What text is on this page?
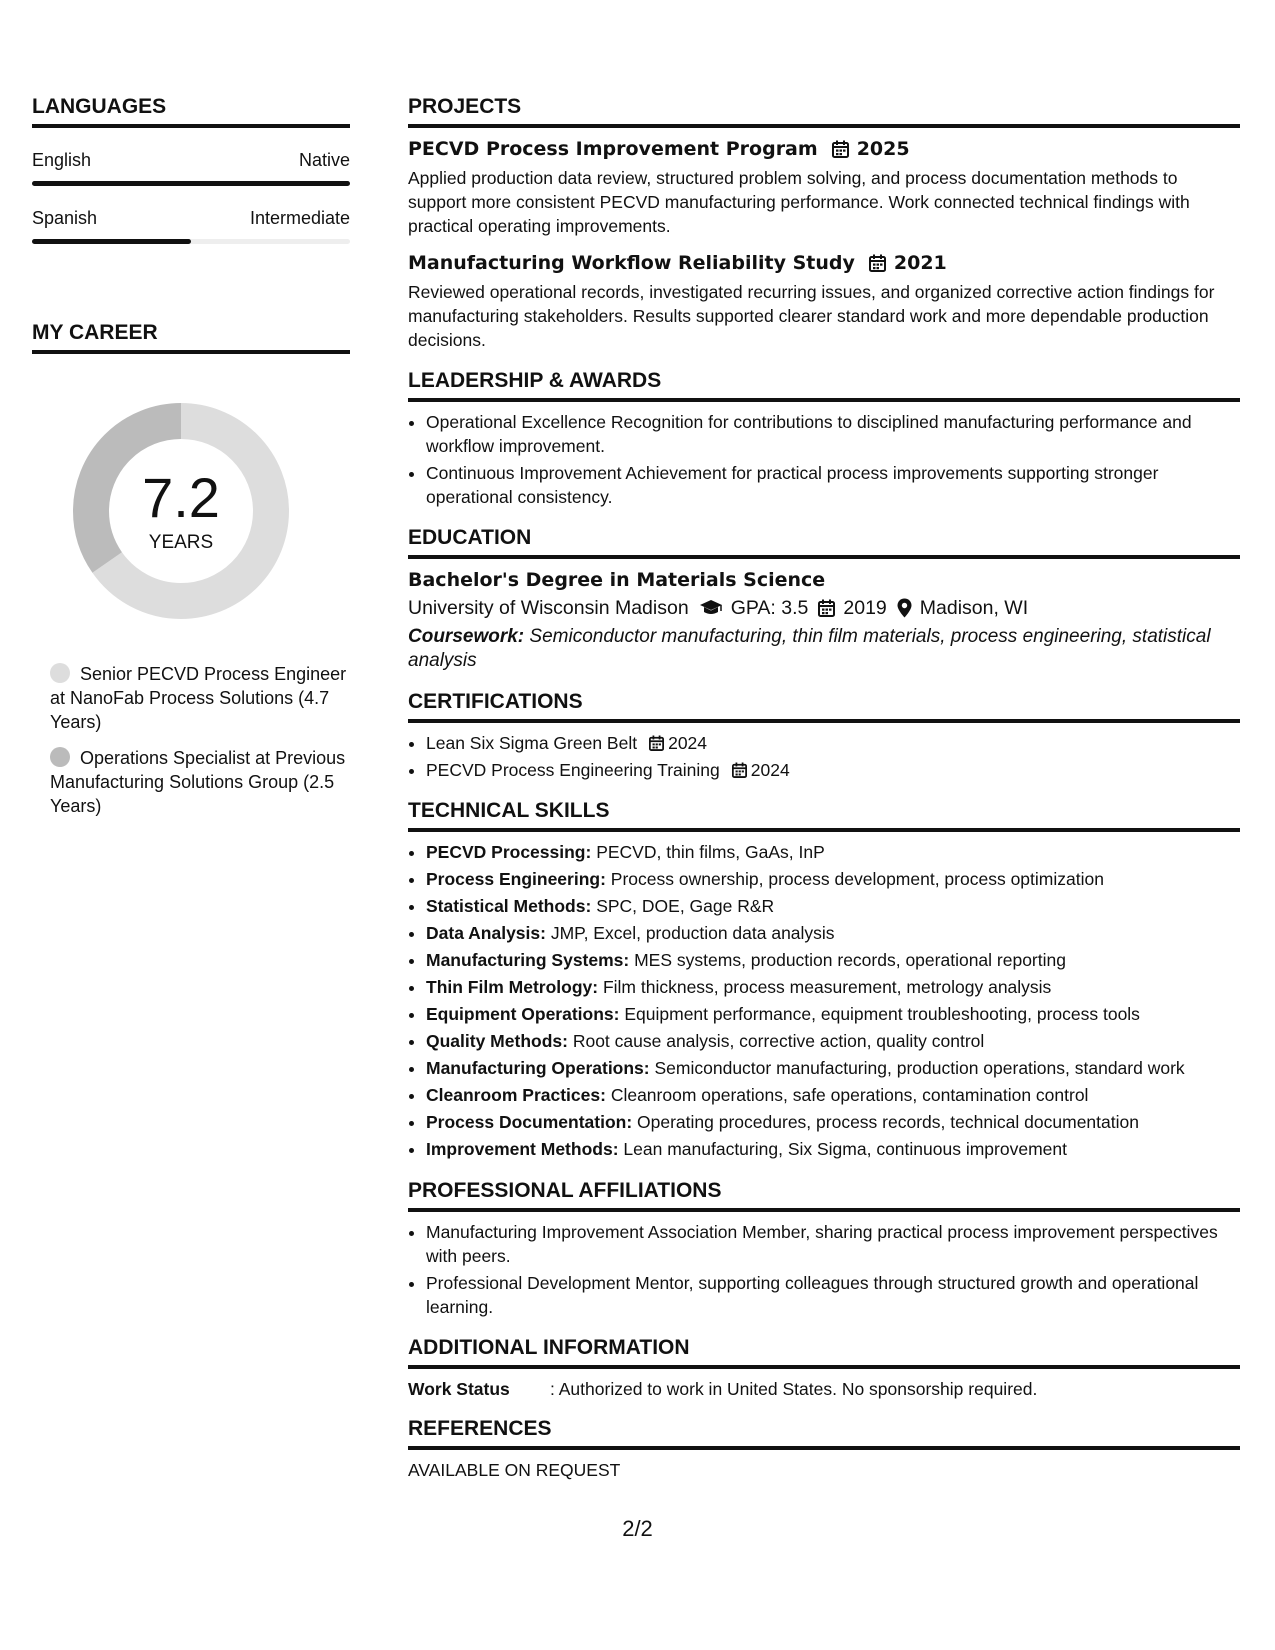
LANGUAGES
English	Native
Spanish	Intermediate
MY CAREER
7.2
YEARS
Senior PECVD Process Engineer at NanoFab Process Solutions (4.7 Years)
Operations Specialist at Previous Manufacturing Solutions Group (2.5 Years)
PROJECTS
PECVD Process Improvement Program 2025

Applied production data review, structured problem solving, and process documentation methods to support more consistent PECVD manufacturing performance. Work connected technical findings with practical operating improvements.

Manufacturing Workflow Reliability Study 2021

Reviewed operational records, investigated recurring issues, and organized corrective action findings for manufacturing stakeholders. Results supported clearer standard work and more dependable production decisions.

LEADERSHIP & AWARDS
• Operational Excellence Recognition for contributions to disciplined manufacturing performance and workflow improvement.
• Continuous Improvement Achievement for practical process improvements supporting stronger operational consistency.
EDUCATION
Bachelor's Degree in Materials Science
University of Wisconsin Madison GPA: 3.5 2019 Madison, WI
Coursework: Semiconductor manufacturing, thin film materials, process engineering, statistical analysis
CERTIFICATIONS
• Lean Six Sigma Green Belt 2024
• PECVD Process Engineering Training 2024
TECHNICAL SKILLS
• PECVD Processing: PECVD, thin films, GaAs, InP
• Process Engineering: Process ownership, process development, process optimization
• Statistical Methods: SPC, DOE, Gage R&R
• Data Analysis: JMP, Excel, production data analysis
• Manufacturing Systems: MES systems, production records, operational reporting
• Thin Film Metrology: Film thickness, process measurement, metrology analysis
• Equipment Operations: Equipment performance, equipment troubleshooting, process tools
• Quality Methods: Root cause analysis, corrective action, quality control
• Manufacturing Operations: Semiconductor manufacturing, production operations, standard work
• Cleanroom Practices: Cleanroom operations, safe operations, contamination control
• Process Documentation: Operating procedures, process records, technical documentation
• Improvement Methods: Lean manufacturing, Six Sigma, continuous improvement
PROFESSIONAL AFFILIATIONS
• Manufacturing Improvement Association Member, sharing practical process improvement perspectives with peers.
• Professional Development Mentor, supporting colleagues through structured growth and operational learning.
ADDITIONAL INFORMATION
Work Status	: Authorized to work in United States. No sponsorship required.
REFERENCES
AVAILABLE ON REQUEST
2/2
